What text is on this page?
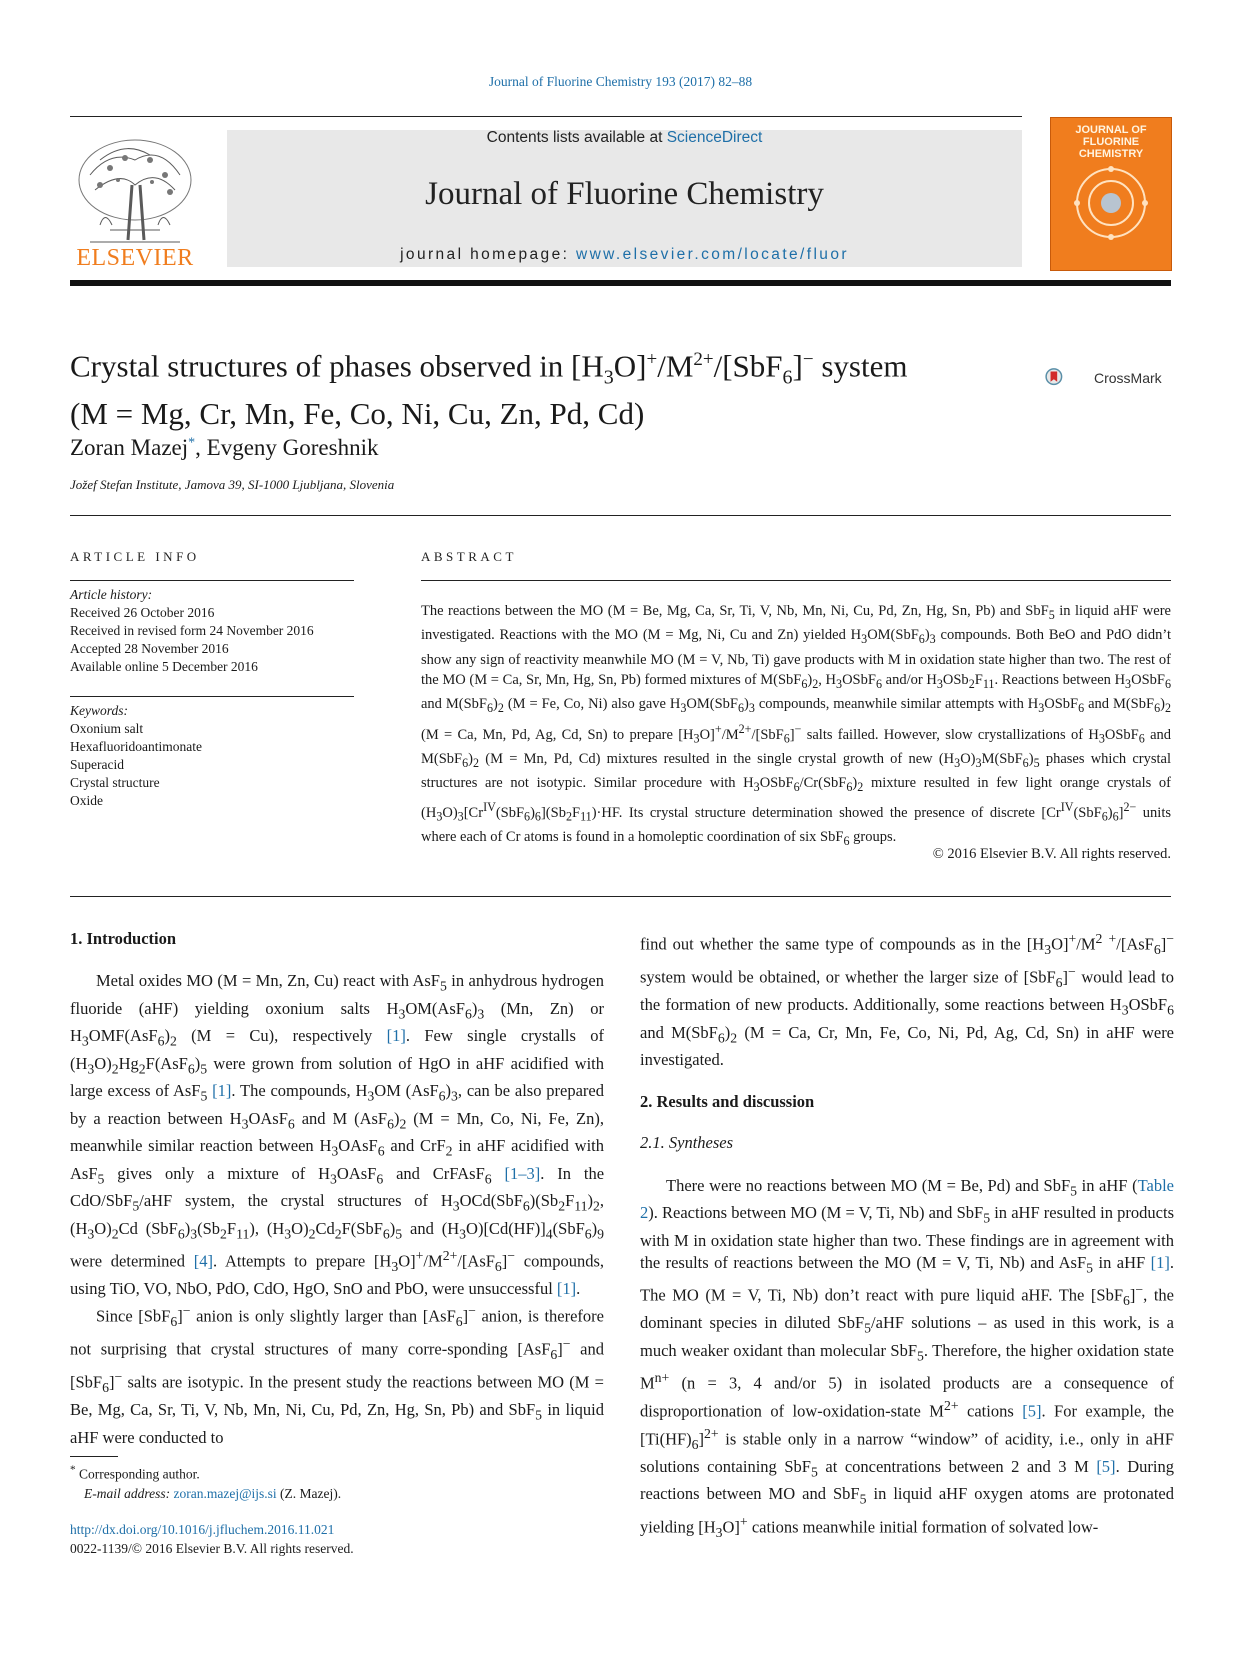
Journal of Fluorine Chemistry 193 (2017) 82–88
ELSEVIER
Contents lists available at ScienceDirect
Journal of Fluorine Chemistry
journal homepage: www.elsevier.com/locate/fluor
JOURNAL OF FLUORINE CHEMISTRY
Crystal structures of phases observed in $[H_3O]^+/M^{2+}/[SbF_6]^-$ system
(M = Mg, Cr, Mn, Fe, Co, Ni, Cu, Zn, Pd, Cd)
CrossMark
Zoran Mazej*, Evgeny Goreshnik
Jožef Stefan Institute, Jamova 39, SI-1000 Ljubljana, Slovenia
ARTICLE INFO
Article history:
Received 26 October 2016
Received in revised form 24 November 2016
Accepted 28 November 2016
Available online 5 December 2016
Keywords:
Oxonium salt
Hexafluoridoantimonate
Superacid
Crystal structure
Oxide
ABSTRACT
The reactions between the MO (M = Be, Mg, Ca, Sr, Ti, V, Nb, Mn, Ni, Cu, Pd, Zn, Hg, Sn, Pb) and SbF$_5$ in liquid aHF were investigated. Reactions with the MO (M = Mg, Ni, Cu and Zn) yielded $H_3OM(SbF_6)_3$ compounds. Both BeO and PdO didn’t show any sign of reactivity meanwhile MO (M = V, Nb, Ti) gave products with M in oxidation state higher than two. The rest of the MO (M = Ca, Sr, Mn, Hg, Sn, Pb) formed mixtures of $M(SbF_6)_2$, $H_3OSbF_6$ and/or $H_3OSb_2F_{11}$. Reactions between $H_3OSbF_6$ and $M(SbF_6)_2$ (M = Fe, Co, Ni) also gave $H_3OM(SbF_6)_3$ compounds, meanwhile similar attempts with $H_3OSbF_6$ and $M(SbF_6)_2$ (M = Ca, Mn, Pd, Ag, Cd, Sn) to prepare $[H_3O]^+/M^{2+}/[SbF_6]^-$ salts failled. However, slow crystallizations of $H_3OSbF_6$ and $M(SbF_6)_2$ (M = Mn, Pd, Cd) mixtures resulted in the single crystal growth of new $(H_3O)_3M(SbF_6)_5$ phases which crystal structures are not isotypic. Similar procedure with $H_3OSbF_6/Cr(SbF_6)_2$ mixture resulted in few light orange crystals of $(H_3O)_3[Cr^{IV}(SbF_6)_6](Sb_2F_{11})\cdot HF$. Its crystal structure determination showed the presence of discrete $[Cr^{IV}(SbF_6)_6]^{2-}$ units where each of Cr atoms is found in a homoleptic coordination of six SbF$_6$ groups.
© 2016 Elsevier B.V. All rights reserved.
1. Introduction

Metal oxides MO (M = Mn, Zn, Cu) react with AsF$_5$ in anhydrous hydrogen fluoride (aHF) yielding oxonium salts $H_3OM(AsF_6)_3$ (Mn, Zn) or $H_3OMF(AsF_6)_2$ (M = Cu), respectively [1]. Few single crystalls of $(H_3O)_2Hg_2F(AsF_6)_5$ were grown from solution of HgO in aHF acidified with large excess of AsF$_5$ [1]. The compounds, $H_3OM$ $(AsF_6)_3$, can be also prepared by a reaction between $H_3OAsF_6$ and M $(AsF_6)_2$ (M = Mn, Co, Ni, Fe, Zn), meanwhile similar reaction between $H_3OAsF_6$ and CrF$_2$ in aHF acidified with AsF$_5$ gives only a mixture of $H_3OAsF_6$ and CrFAsF$_6$ [1–3]. In the CdO/SbF$_5$/aHF system, the crystal structures of $H_3OCd(SbF_6)(Sb_2F_{11})_2$, $(H_3O)_2Cd$ $(SbF_6)_3(Sb_2F_{11})$, $(H_3O)_2Cd_2F(SbF_6)_5$ and $(H_3O)[Cd(HF)]_4(SbF_6)_9$ were determined [4]. Attempts to prepare $[H_3O]^+/M^{2+}/[AsF_6]^-$ compounds, using TiO, VO, NbO, PdO, CdO, HgO, SnO and PbO, were unsuccessful [1].

Since [SbF$_6$]− anion is only slightly larger than [AsF$_6$]− anion, is therefore not surprising that crystal structures of many corre-sponding [AsF$_6$]− and [SbF$_6$]− salts are isotypic. In the present study the reactions between MO (M = Be, Mg, Ca, Sr, Ti, V, Nb, Mn, Ni, Cu, Pd, Zn, Hg, Sn, Pb) and SbF$_5$ in liquid aHF were conducted to

find out whether the same type of compounds as in the $[H_3O]^+/M^2$ +/[AsF$_6$]− system would be obtained, or whether the larger size of [SbF$_6$]− would lead to the formation of new products. Additionally, some reactions between $H_3OSbF_6$ and $M(SbF_6)_2$ (M = Ca, Cr, Mn, Fe, Co, Ni, Pd, Ag, Cd, Sn) in aHF were investigated.

2. Results and discussion
2.1. Syntheses

There were no reactions between MO (M = Be, Pd) and SbF$_5$ in aHF (Table 2). Reactions between MO (M = V, Ti, Nb) and SbF$_5$ in aHF resulted in products with M in oxidation state higher than two. These findings are in agreement with the results of reactions between the MO (M = V, Ti, Nb) and AsF$_5$ in aHF [1]. The MO (M = V, Ti, Nb) don’t react with pure liquid aHF. The [SbF$_6$]−, the dominant species in diluted SbF$_5$/aHF solutions – as used in this work, is a much weaker oxidant than molecular SbF$_5$. Therefore, the higher oxidation state $M^{n+}$ (n = 3, 4 and/or 5) in isolated products are a consequence of disproportionation of low-oxidation-state $M^{2+}$ cations [5]. For example, the $[Ti(HF)_6]^{2+}$ is stable only in a narrow “window” of acidity, i.e., only in aHF solutions containing SbF$_5$ at concentrations between 2 and 3 M [5]. During reactions between MO and SbF$_5$ in liquid aHF oxygen atoms are protonated yielding $[H_3O]^+$ cations meanwhile initial formation of solvated low-

* Corresponding author.
E-mail address: zoran.mazej@ijs.si (Z. Mazej).
http://dx.doi.org/10.1016/j.jfluchem.2016.11.021
0022-1139/© 2016 Elsevier B.V. All rights reserved.
